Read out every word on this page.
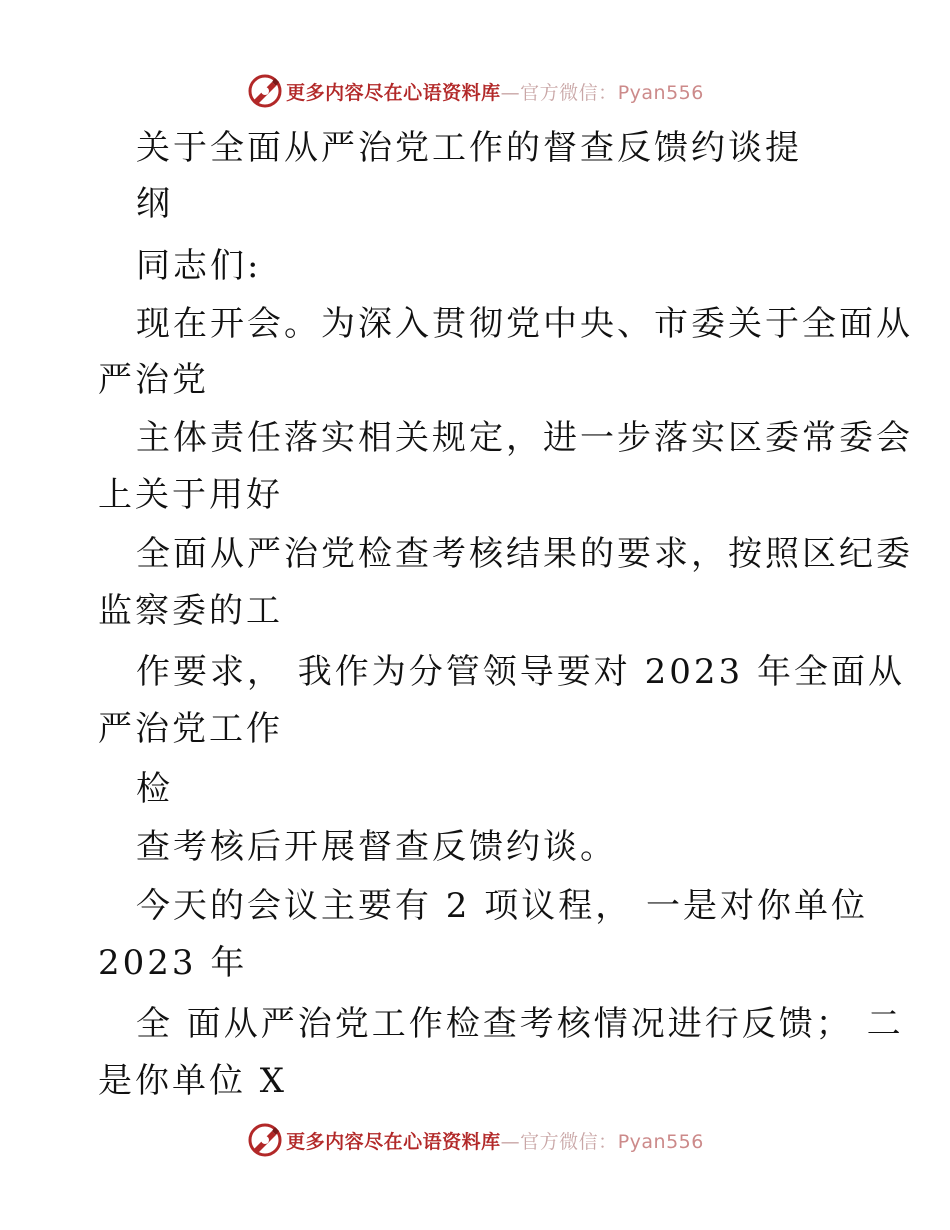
更多内容尽在心语资料库—官方微信：Pyan556
关于全面从严治党工作的督查反馈约谈提
纲
同志们:
现在开会。为深入贯彻党中央、市委关于全面从
严治党
主体责任落实相关规定，进一步落实区委常委会
上关于用好
全面从严治党检查考核结果的要求，按照区纪委
监察委的工
作要求， 我作为分管领导要对 2023 年全面从
严治党工作
检
查考核后开展督查反馈约谈。
今天的会议主要有 2 项议程， 一是对你单位
2023 年
全 面从严治党工作检查考核情况进行反馈； 二
是你单位 X
更多内容尽在心语资料库—官方微信：Pyan556
